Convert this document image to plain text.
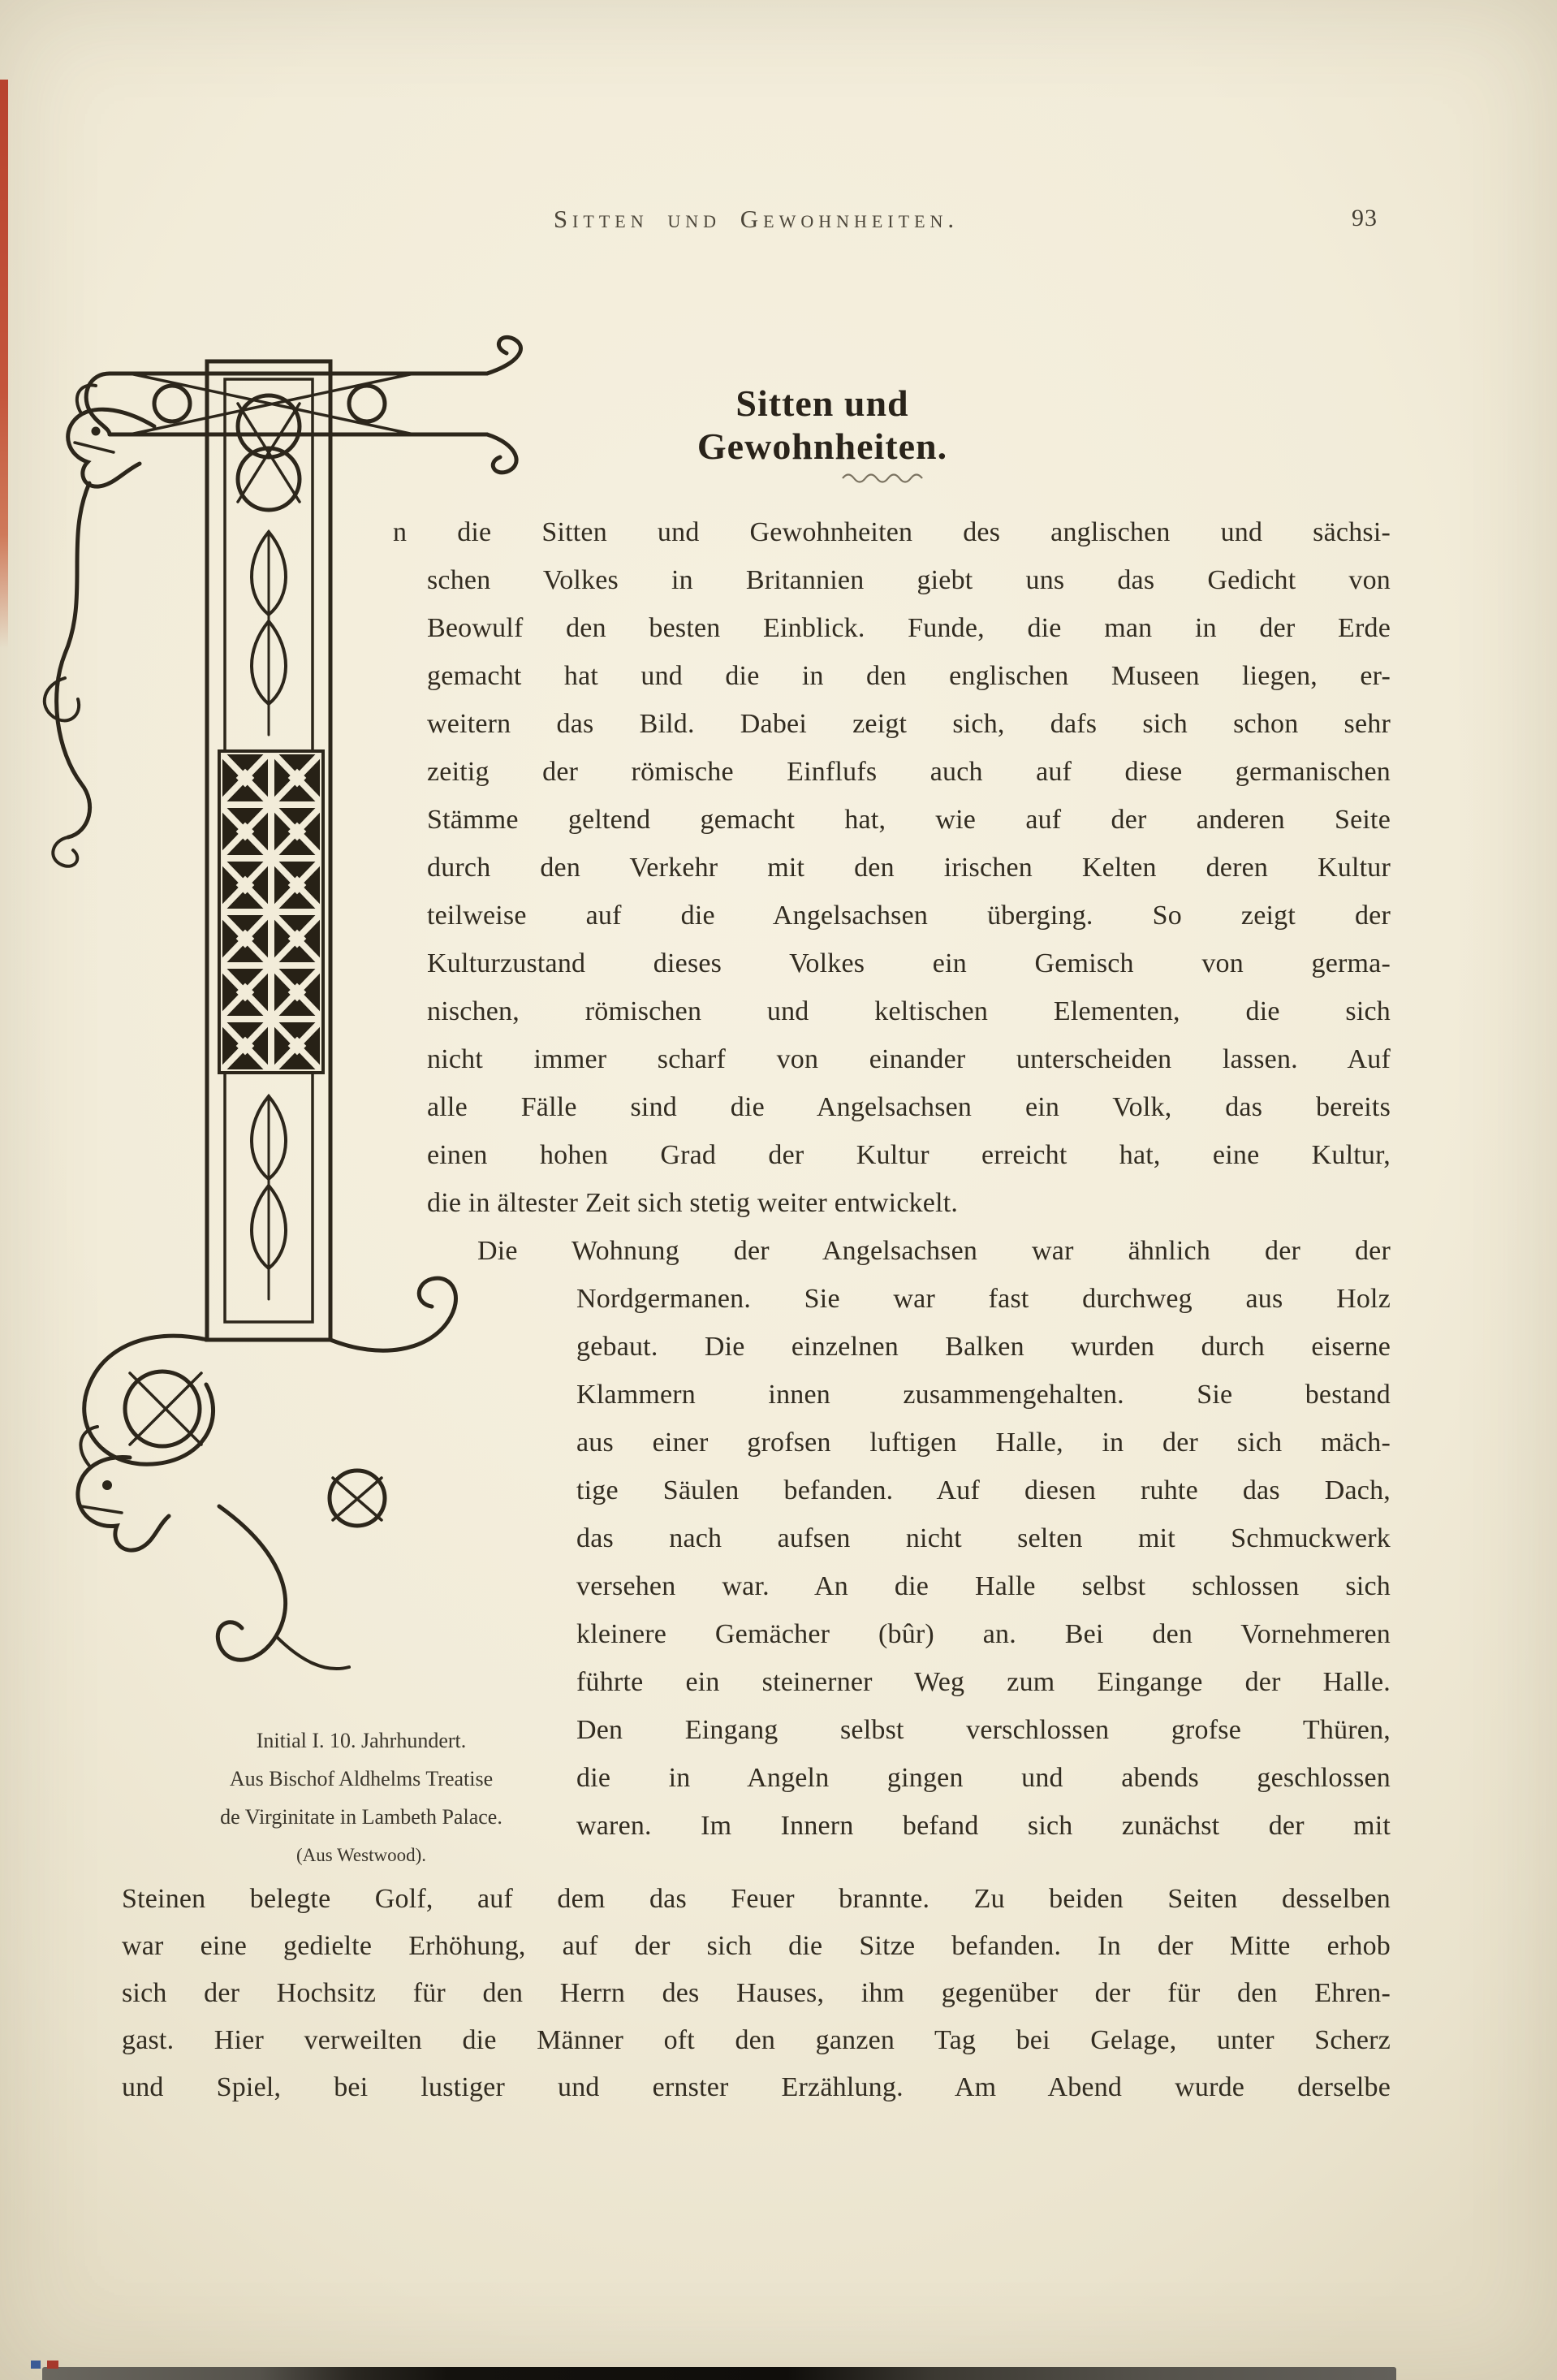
Sitten und Gewohnheiten.	93
Sitten und Gewohnheiten.
Initial I. 10. Jahrhundert.
Aus Bischof Aldhelms Treatise
de Virginitate in Lambeth Palace.
(Aus Westwood).
n die Sitten und Gewohnheiten des anglischen und sächsi-
schen Volkes in Britannien giebt uns das Gedicht von
Beowulf den besten Einblick. Funde, die man in der Erde
gemacht hat und die in den englischen Museen liegen, er-
weitern das Bild. Dabei zeigt sich, dafs sich schon sehr
zeitig der römische Einflufs auch auf diese germanischen
Stämme geltend gemacht hat, wie auf der anderen Seite
durch den Verkehr mit den irischen Kelten deren Kultur
teilweise auf die Angelsachsen überging. So zeigt der
Kulturzustand dieses Volkes ein Gemisch von germa-
nischen, römischen und keltischen Elementen, die sich
nicht immer scharf von einander unterscheiden lassen. Auf
alle Fälle sind die Angelsachsen ein Volk, das bereits
einen hohen Grad der Kultur erreicht hat, eine Kultur,
die in ältester Zeit sich stetig weiter entwickelt.
Die Wohnung der Angelsachsen war ähnlich der der
Nordgermanen. Sie war fast durchweg aus Holz
gebaut. Die einzelnen Balken wurden durch eiserne
Klammern innen zusammengehalten. Sie bestand
aus einer grofsen luftigen Halle, in der sich mäch-
tige Säulen befanden. Auf diesen ruhte das Dach,
das nach aufsen nicht selten mit Schmuckwerk
versehen war. An die Halle selbst schlossen sich
kleinere Gemächer (bûr) an. Bei den Vornehmeren
führte ein steinerner Weg zum Eingange der Halle.
Den Eingang selbst verschlossen grofse Thüren,
die in Angeln gingen und abends geschlossen
waren. Im Innern befand sich zunächst der mit
Steinen belegte Golf, auf dem das Feuer brannte. Zu beiden Seiten desselben
war eine gedielte Erhöhung, auf der sich die Sitze befanden. In der Mitte erhob
sich der Hochsitz für den Herrn des Hauses, ihm gegenüber der für den Ehren-
gast. Hier verweilten die Männer oft den ganzen Tag bei Gelage, unter Scherz
und Spiel, bei lustiger und ernster Erzählung. Am Abend wurde derselbe
